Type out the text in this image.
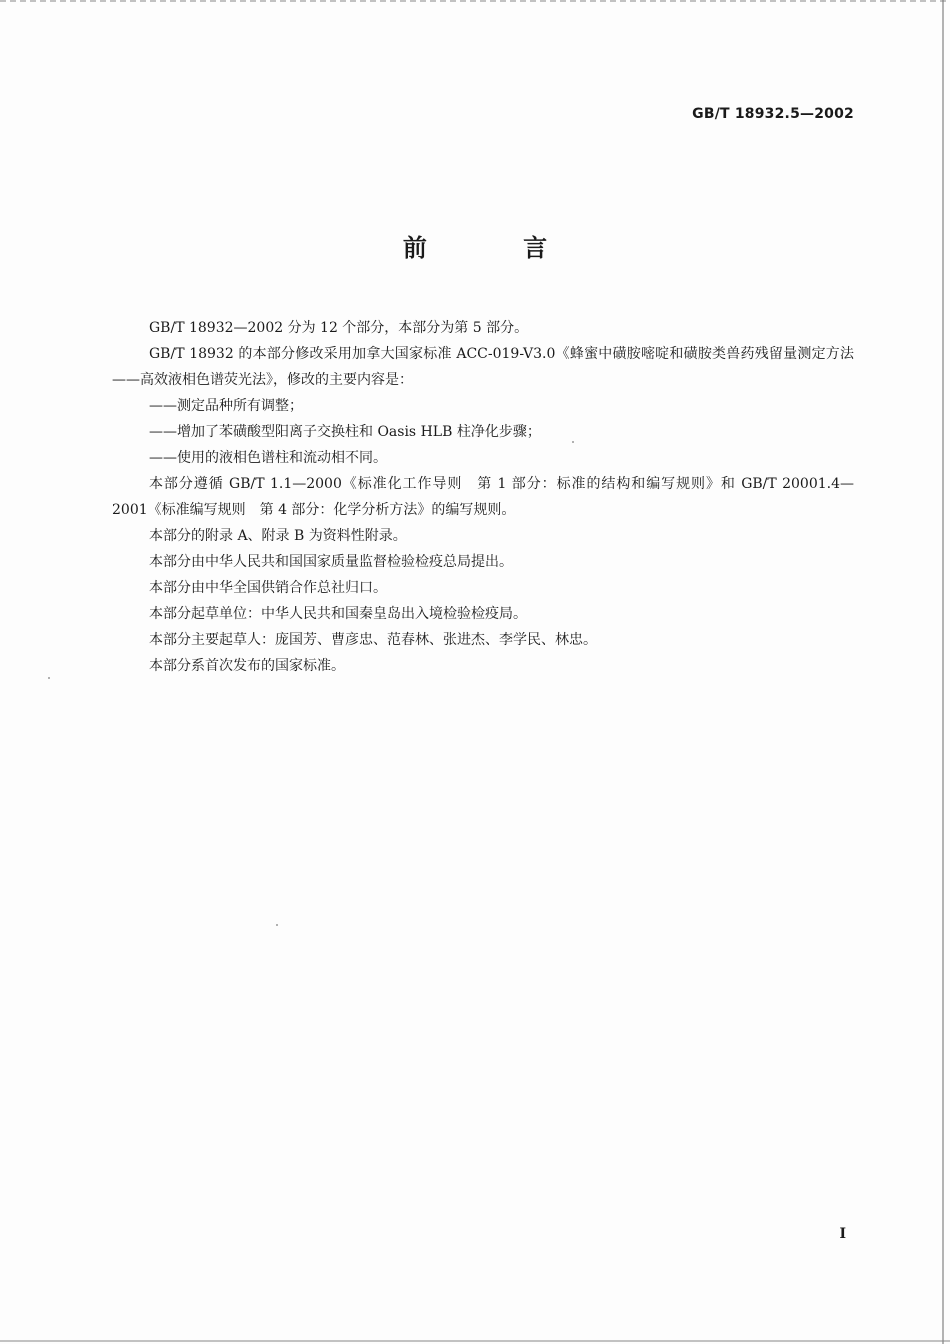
GB/T 18932.5—2002
前 言

GB/T 18932—2002 分为 12 个部分，本部分为第 5 部分。

GB/T 18932 的本部分修改采用加拿大国家标准 ACC-019-V3.0《蜂蜜中磺胺嘧啶和磺胺类兽药残留量测定方法——高效液相色谱荧光法》，修改的主要内容是：

——测定品种所有调整；

——增加了苯磺酸型阳离子交换柱和 Oasis HLB 柱净化步骤；

——使用的液相色谱柱和流动相不同。

本部分遵循 GB/T 1.1—2000《标准化工作导则　第 1 部分：标准的结构和编写规则》和 GB/T 20001.4—2001《标准编写规则　第 4 部分：化学分析方法》的编写规则。

本部分的附录 A、附录 B 为资料性附录。

本部分由中华人民共和国国家质量监督检验检疫总局提出。

本部分由中华全国供销合作总社归口。

本部分起草单位：中华人民共和国秦皇岛出入境检验检疫局。

本部分主要起草人：庞国芳、曹彦忠、范春林、张进杰、李学民、林忠。

本部分系首次发布的国家标准。

I
